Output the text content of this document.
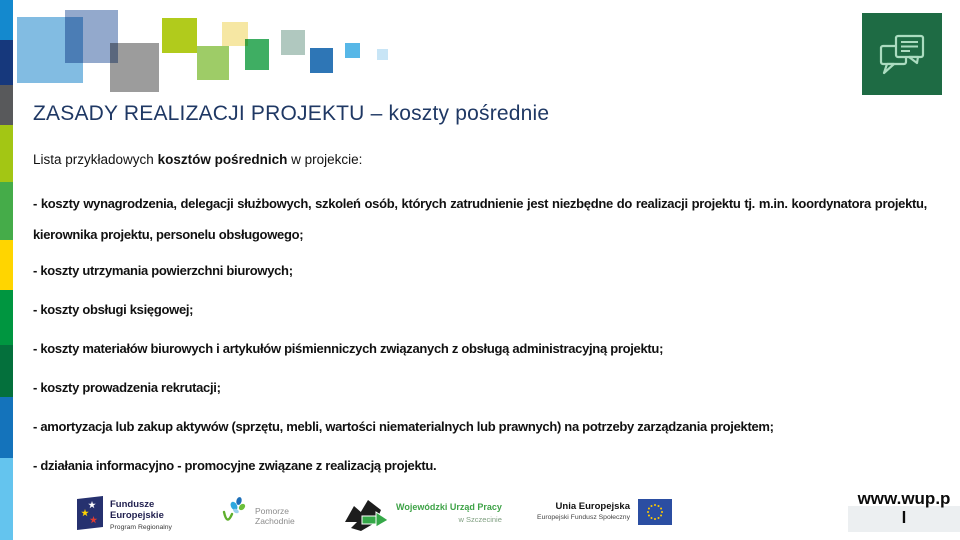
ZASADY REALIZACJI PROJEKTU – koszty pośrednie

Lista przykładowych kosztów pośrednich w projekcie:

- koszty wynagrodzenia, delegacji służbowych, szkoleń osób, których zatrudnienie jest niezbędne do realizacji projektu tj. m.in. koordynatora projektu, kierownika projektu, personelu obsługowego;

- koszty utrzymania powierzchni biurowych;

- koszty obsługi księgowej;

- koszty materiałów biurowych i artykułów piśmienniczych związanych z obsługą administracyjną projektu;

- koszty prowadzenia rekrutacji;

- amortyzacja lub zakup aktywów (sprzętu, mebli, wartości niematerialnych lub prawnych) na potrzeby zarządzania projektem;

- działania informacyjno - promocyjne związane z realizacją projektu.

Fundusze
Europejskie
Program Regionalny
Pomorze
Zachodnie
Wojewódzki Urząd Pracy
w Szczecinie
Unia Europejska
Europejski Fundusz Społeczny
www.wup.p
l
